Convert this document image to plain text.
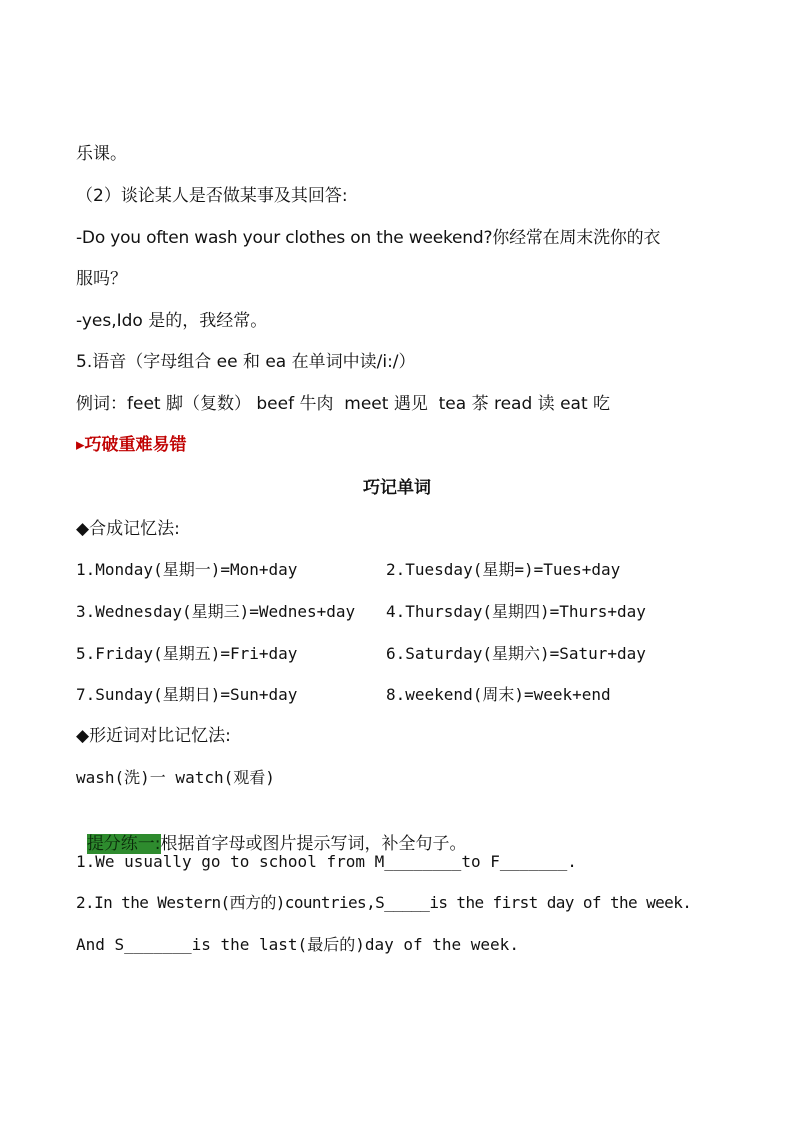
乐课。
（2）谈论某人是否做某事及其回答:
-Do you often wash your clothes on the weekend?你经常在周末洗你的衣
服吗？
-yes,Ido 是的，我经常。
5.语音（字母组合 ee 和 ea 在单词中读/i:/）
例词：feet 脚（复数） beef 牛肉  meet 遇见  tea 茶 read 读 eat 吃
▸巧破重难易错
巧记单词
◆合成记忆法:
1.Monday(星期一)=Mon+day	2.Tuesday(星期=)=Tues+day
3.Wednesday(星期三)=Wednes+day 4.Thursday(星期四)=Thurs+day
5.Friday(星期五)=Fri+day	6.Saturday(星期六)=Satur+day
7.Sunday(星期日)=Sun+day	8.weekend(周末)=week+end
◆形近词对比记忆法:
wash(洗)一 watch(观看)

提分练一:根据首字母或图片提示写词，补全句子。

1.We usually go to school from M________to F_______.
2.In the Western(西方的)countries,S_____is the first day of the week.
And S_______is the last(最后的)day of the week.
